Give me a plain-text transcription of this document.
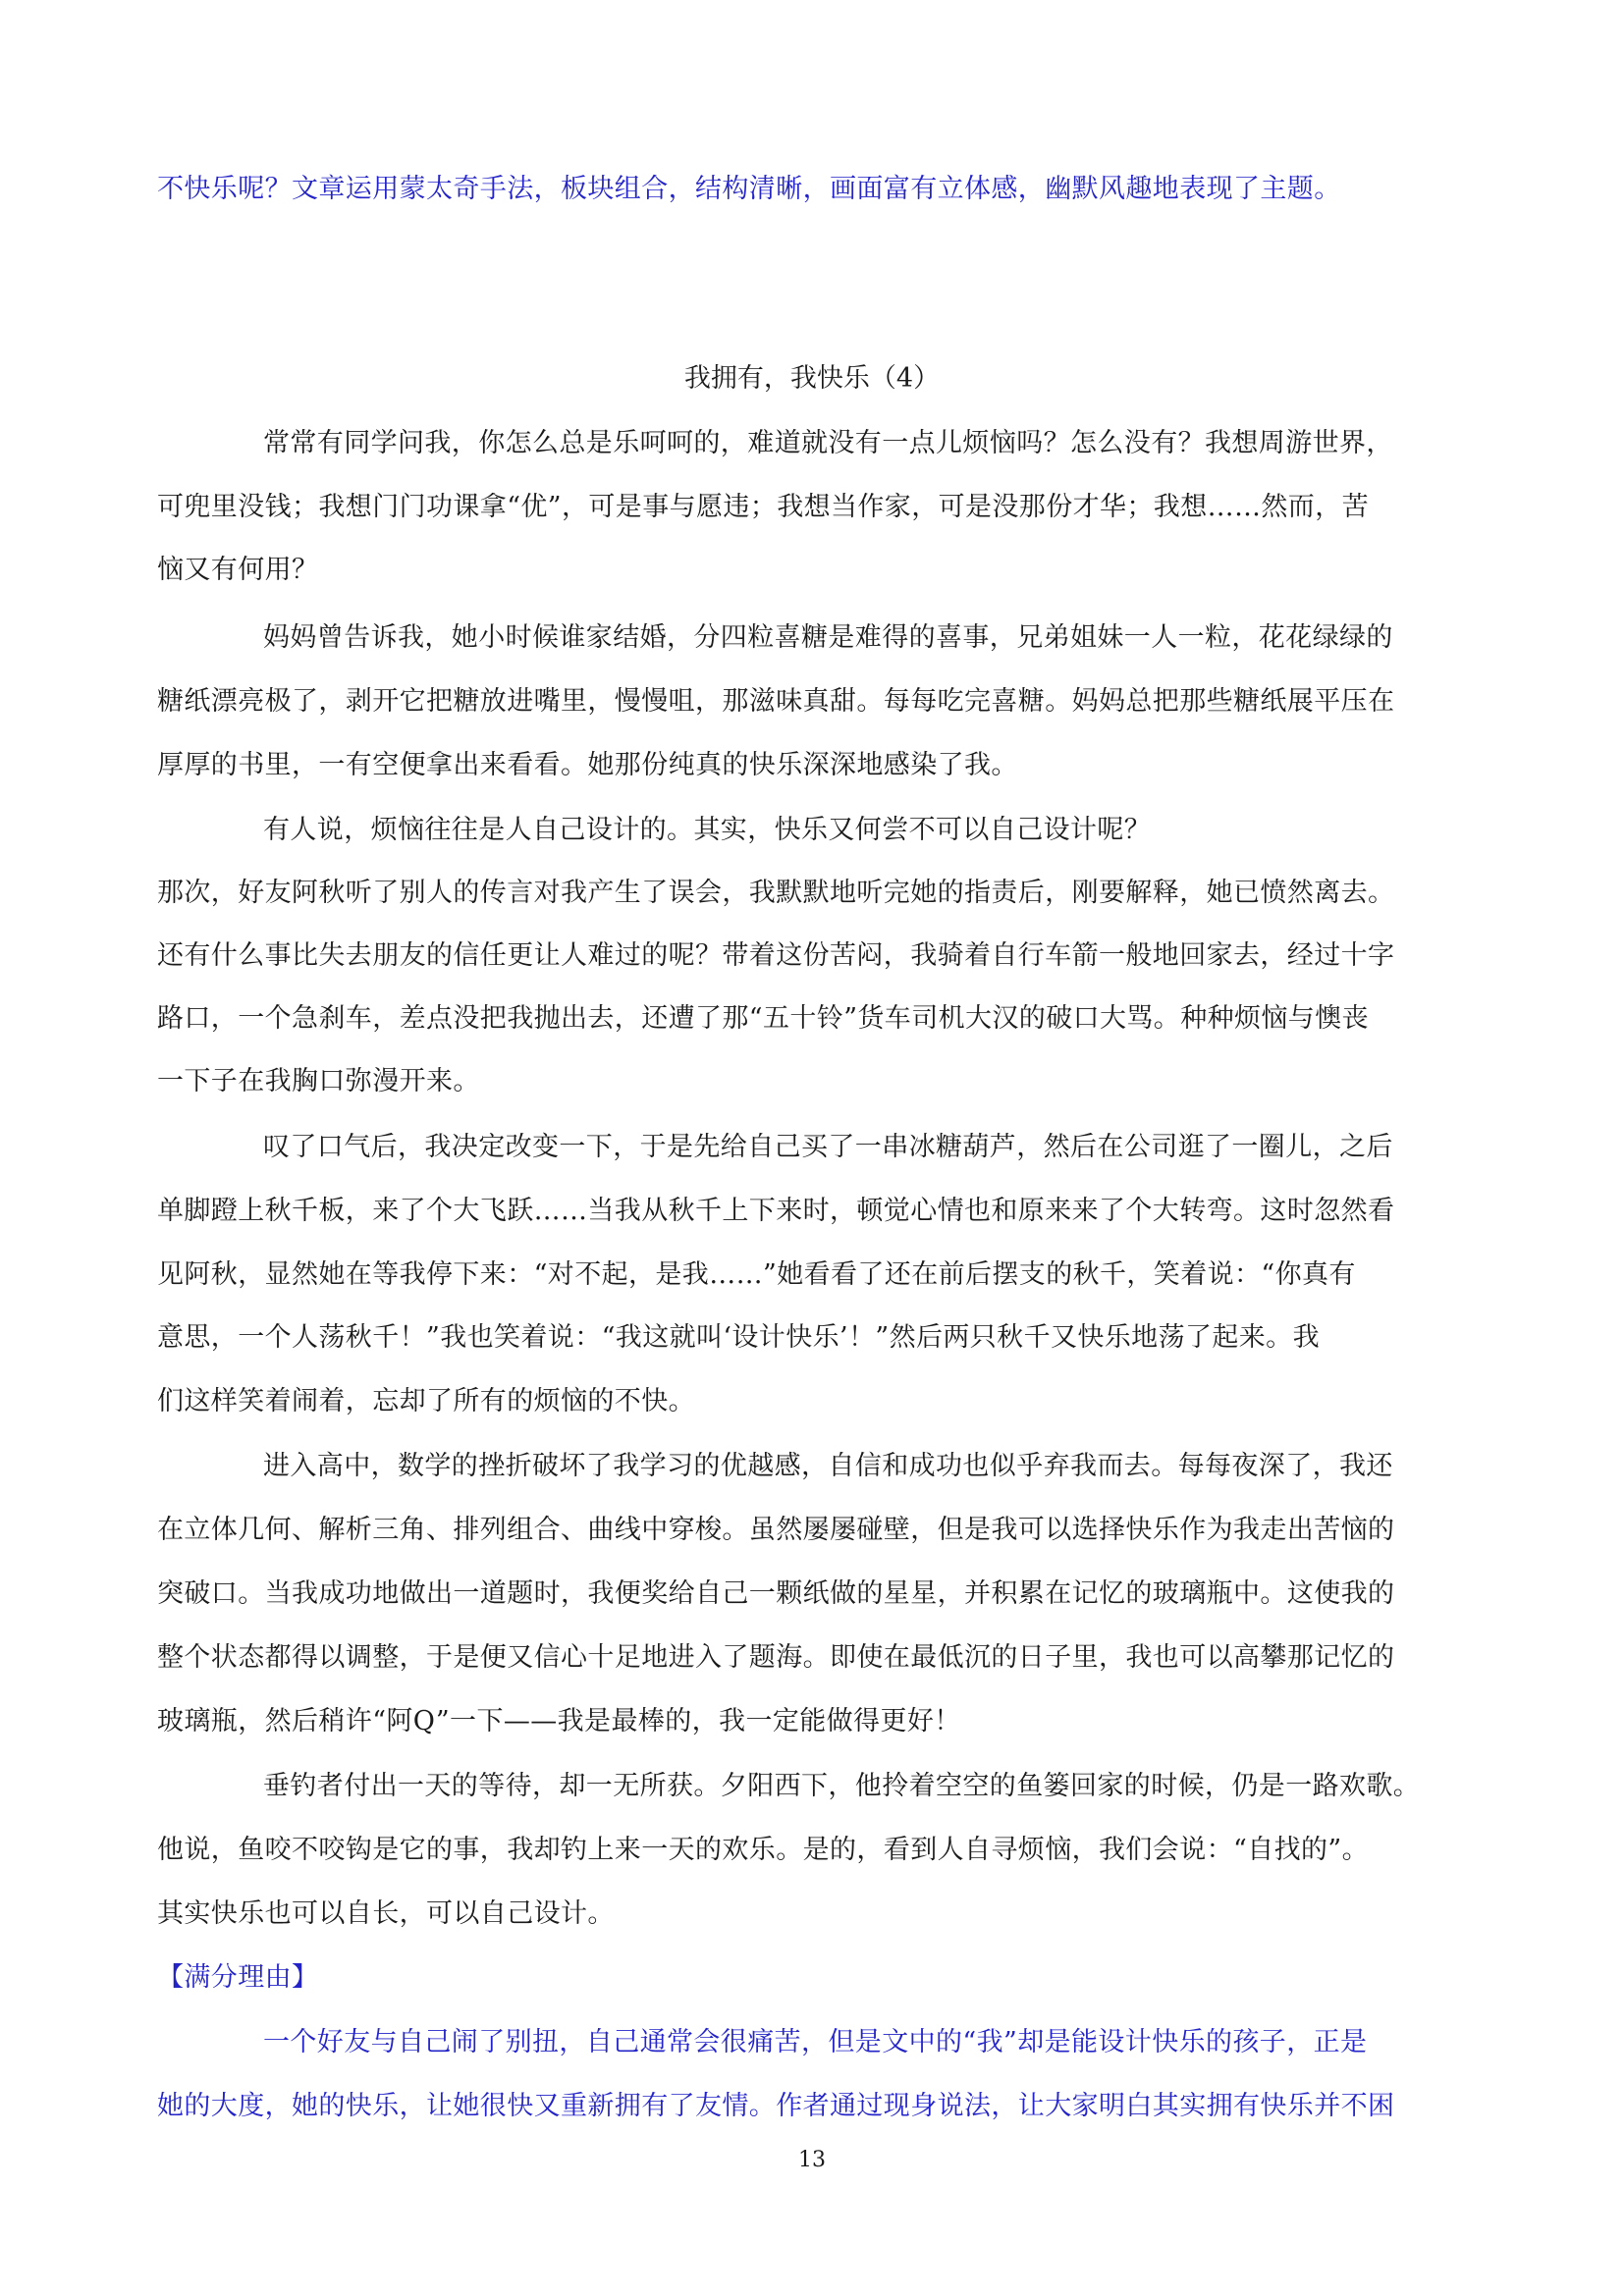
不快乐呢？文章运用蒙太奇手法，板块组合，结构清晰，画面富有立体感，幽默风趣地表现了主题。
我拥有，我快乐（4）
常常有同学问我，你怎么总是乐呵呵的，难道就没有一点儿烦恼吗？怎么没有？我想周游世界，
可兜里没钱；我想门门功课拿“优”，可是事与愿违；我想当作家，可是没那份才华；我想……然而，苦
恼又有何用？
妈妈曾告诉我，她小时候谁家结婚，分四粒喜糖是难得的喜事，兄弟姐妹一人一粒，花花绿绿的
糖纸漂亮极了，剥开它把糖放进嘴里，慢慢咀，那滋味真甜。每每吃完喜糖。妈妈总把那些糖纸展平压在
厚厚的书里，一有空便拿出来看看。她那份纯真的快乐深深地感染了我。
有人说，烦恼往往是人自己设计的。其实，快乐又何尝不可以自己设计呢？
那次，好友阿秋听了别人的传言对我产生了误会，我默默地听完她的指责后，刚要解释，她已愤然离去。
还有什么事比失去朋友的信任更让人难过的呢？带着这份苦闷，我骑着自行车箭一般地回家去，经过十字
路口，一个急刹车，差点没把我抛出去，还遭了那“五十铃”货车司机大汉的破口大骂。种种烦恼与懊丧
一下子在我胸口弥漫开来。
叹了口气后，我决定改变一下，于是先给自己买了一串冰糖葫芦，然后在公司逛了一圈儿，之后
单脚蹬上秋千板，来了个大飞跃……当我从秋千上下来时，顿觉心情也和原来来了个大转弯。这时忽然看
见阿秋，显然她在等我停下来：“对不起，是我……”她看看了还在前后摆支的秋千，笑着说：“你真有
意思，一个人荡秋千！”我也笑着说：“我这就叫‘设计快乐’！”然后两只秋千又快乐地荡了起来。我
们这样笑着闹着，忘却了所有的烦恼的不快。
进入高中，数学的挫折破坏了我学习的优越感，自信和成功也似乎弃我而去。每每夜深了，我还
在立体几何、解析三角、排列组合、曲线中穿梭。虽然屡屡碰壁，但是我可以选择快乐作为我走出苦恼的
突破口。当我成功地做出一道题时，我便奖给自己一颗纸做的星星，并积累在记忆的玻璃瓶中。这使我的
整个状态都得以调整，于是便又信心十足地进入了题海。即使在最低沉的日子里，我也可以高攀那记忆的
玻璃瓶，然后稍许“阿Q”一下——我是最棒的，我一定能做得更好！
垂钓者付出一天的等待，却一无所获。夕阳西下，他拎着空空的鱼篓回家的时候，仍是一路欢歌。
他说，鱼咬不咬钩是它的事，我却钓上来一天的欢乐。是的，看到人自寻烦恼，我们会说：“自找的”。
其实快乐也可以自长，可以自己设计。
【满分理由】
一个好友与自己闹了别扭，自己通常会很痛苦，但是文中的“我”却是能设计快乐的孩子，正是
她的大度，她的快乐，让她很快又重新拥有了友情。作者通过现身说法，让大家明白其实拥有快乐并不困
13
